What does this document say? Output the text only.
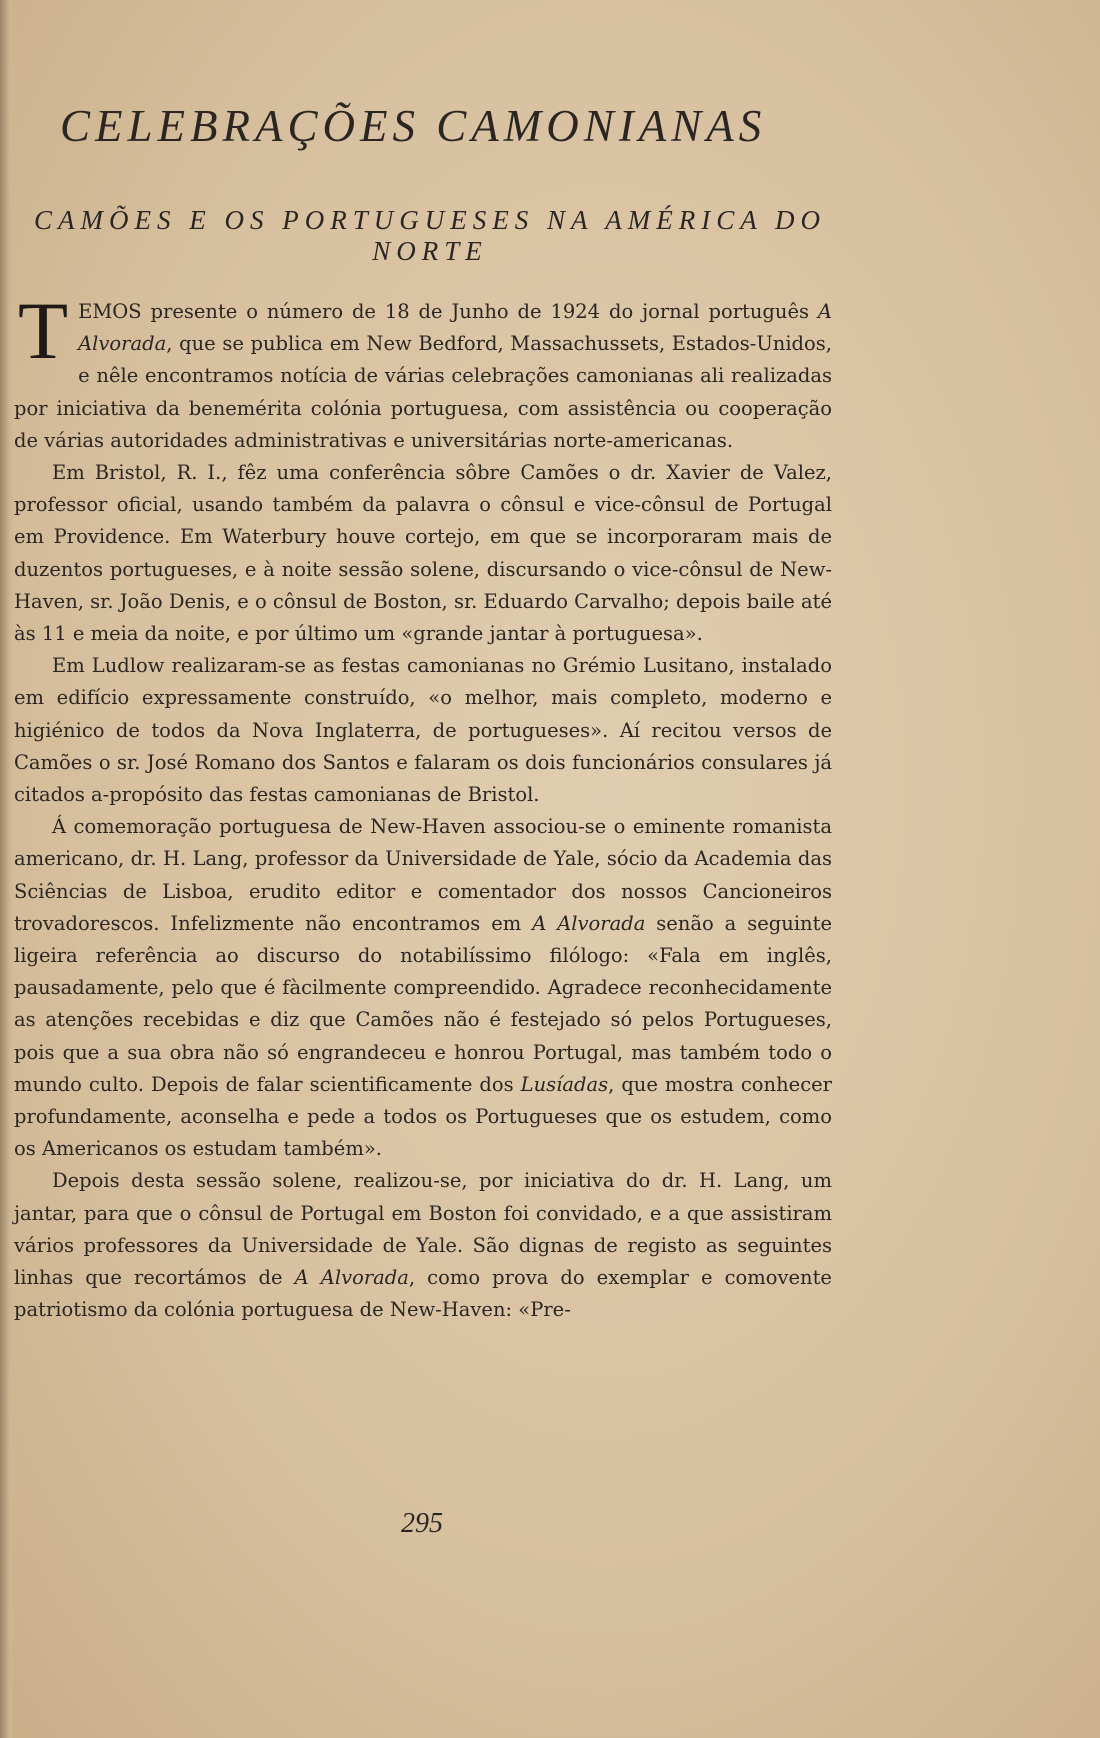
CELEBRAÇÕES CAMONIANAS
CAMÕES E OS PORTUGUESES NA AMÉRICA DO NORTE

TEMOS presente o número de 18 de Junho de 1924 do jornal português A Alvorada, que se publica em New Bedford, Massachussets, Estados-Unidos, e nêle encontramos notícia de várias celebrações camonianas ali realizadas por iniciativa da benemérita colónia portuguesa, com assistência ou cooperação de várias autoridades administrativas e universitárias norte-americanas.

Em Bristol, R. I., fêz uma conferência sôbre Camões o dr. Xavier de Valez, professor oficial, usando também da palavra o cônsul e vice-cônsul de Portugal em Providence. Em Waterbury houve cortejo, em que se incorporaram mais de duzentos portugueses, e à noite sessão solene, discursando o vice-cônsul de New-Haven, sr. João Denis, e o cônsul de Boston, sr. Eduardo Carvalho; depois baile até às 11 e meia da noite, e por último um «grande jantar à portuguesa».

Em Ludlow realizaram-se as festas camonianas no Grémio Lusitano, instalado em edifício expressamente construído, «o melhor, mais completo, moderno e higiénico de todos da Nova Inglaterra, de portugueses». Aí recitou versos de Camões o sr. José Romano dos Santos e falaram os dois funcionários consulares já citados a-propósito das festas camonianas de Bristol.

Á comemoração portuguesa de New-Haven associou-se o eminente romanista americano, dr. H. Lang, professor da Universidade de Yale, sócio da Academia das Sciências de Lisboa, erudito editor e comentador dos nossos Cancioneiros trovadorescos. Infelizmente não encontramos em A Alvorada senão a seguinte ligeira referência ao discurso do notabilíssimo filólogo: «Fala em inglês, pausadamente, pelo que é fàcilmente compreendido. Agradece reconhecidamente as atenções recebidas e diz que Camões não é festejado só pelos Portugueses, pois que a sua obra não só engrandeceu e honrou Portugal, mas também todo o mundo culto. Depois de falar scientificamente dos Lusíadas, que mostra conhecer profundamente, aconselha e pede a todos os Portugueses que os estudem, como os Americanos os estudam também».

Depois desta sessão solene, realizou-se, por iniciativa do dr. H. Lang, um jantar, para que o cônsul de Portugal em Boston foi convidado, e a que assistiram vários professores da Universidade de Yale. São dignas de registo as seguintes linhas que recortámos de A Alvorada, como prova do exemplar e comovente patriotismo da colónia portuguesa de New-Haven: «Pre-

295
